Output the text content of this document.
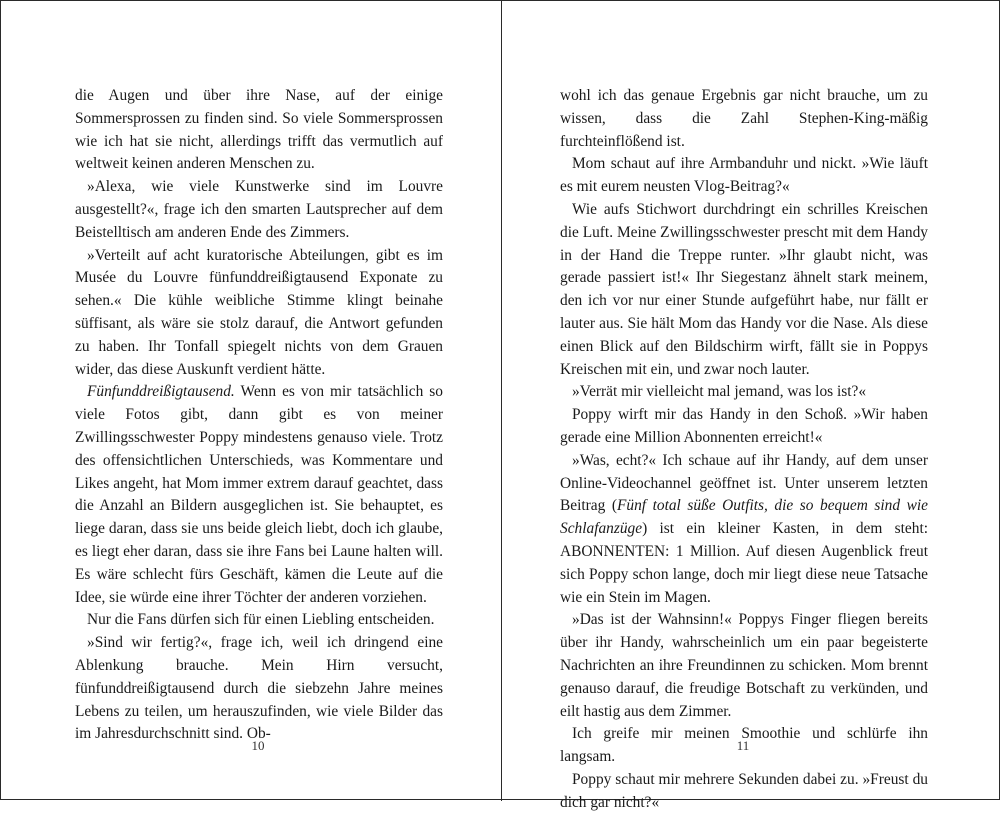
die Augen und über ihre Nase, auf der einige Sommersprossen zu finden sind. So viele Sommersprossen wie ich hat sie nicht, allerdings trifft das vermutlich auf weltweit keinen anderen Menschen zu.

»Alexa, wie viele Kunstwerke sind im Louvre ausgestellt?«, frage ich den smarten Lautsprecher auf dem Beistelltisch am anderen Ende des Zimmers.

»Verteilt auf acht kuratorische Abteilungen, gibt es im Musée du Louvre fünfunddreißigtausend Exponate zu sehen.« Die kühle weibliche Stimme klingt beinahe süffisant, als wäre sie stolz darauf, die Antwort gefunden zu haben. Ihr Tonfall spiegelt nichts von dem Grauen wider, das diese Auskunft verdient hätte.

Fünfunddreißigtausend. Wenn es von mir tatsächlich so viele Fotos gibt, dann gibt es von meiner Zwillingsschwester Poppy mindestens genauso viele. Trotz des offensichtlichen Unterschieds, was Kommentare und Likes angeht, hat Mom immer extrem darauf geachtet, dass die Anzahl an Bildern ausgeglichen ist. Sie behauptet, es liege daran, dass sie uns beide gleich liebt, doch ich glaube, es liegt eher daran, dass sie ihre Fans bei Laune halten will. Es wäre schlecht fürs Geschäft, kämen die Leute auf die Idee, sie würde eine ihrer Töchter der anderen vorziehen.

Nur die Fans dürfen sich für einen Liebling entscheiden.

»Sind wir fertig?«, frage ich, weil ich dringend eine Ablenkung brauche. Mein Hirn versucht, fünfunddreißigtausend durch die siebzehn Jahre meines Lebens zu teilen, um herauszufinden, wie viele Bilder das im Jahresdurchschnitt sind. Ob-

10

wohl ich das genaue Ergebnis gar nicht brauche, um zu wissen, dass die Zahl Stephen-King-mäßig furchteinflößend ist.

Mom schaut auf ihre Armbanduhr und nickt. »Wie läuft es mit eurem neusten Vlog-Beitrag?«

Wie aufs Stichwort durchdringt ein schrilles Kreischen die Luft. Meine Zwillingsschwester prescht mit dem Handy in der Hand die Treppe runter. »Ihr glaubt nicht, was gerade passiert ist!« Ihr Siegestanz ähnelt stark meinem, den ich vor nur einer Stunde aufgeführt habe, nur fällt er lauter aus. Sie hält Mom das Handy vor die Nase. Als diese einen Blick auf den Bildschirm wirft, fällt sie in Poppys Kreischen mit ein, und zwar noch lauter.

»Verrät mir vielleicht mal jemand, was los ist?«

Poppy wirft mir das Handy in den Schoß. »Wir haben gerade eine Million Abonnenten erreicht!«

»Was, echt?« Ich schaue auf ihr Handy, auf dem unser Online-Videochannel geöffnet ist. Unter unserem letzten Beitrag (Fünf total süße Outfits, die so bequem sind wie Schlafanzüge) ist ein kleiner Kasten, in dem steht: ABONNENTEN: 1 Million. Auf diesen Augenblick freut sich Poppy schon lange, doch mir liegt diese neue Tatsache wie ein Stein im Magen.

»Das ist der Wahnsinn!« Poppys Finger fliegen bereits über ihr Handy, wahrscheinlich um ein paar begeisterte Nachrichten an ihre Freundinnen zu schicken. Mom brennt genauso darauf, die freudige Botschaft zu verkünden, und eilt hastig aus dem Zimmer.

Ich greife mir meinen Smoothie und schlürfe ihn langsam.

Poppy schaut mir mehrere Sekunden dabei zu. »Freust du dich gar nicht?«

11
